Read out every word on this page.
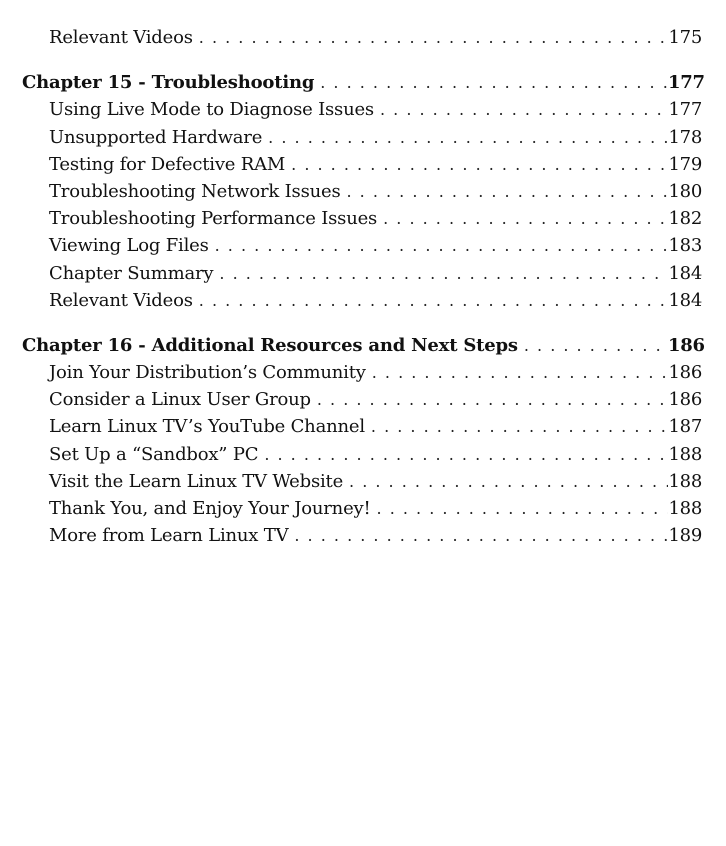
Relevant Videos . . .	175
Chapter 15 - Troubleshooting . . .	177
Using Live Mode to Diagnose Issues . . .	177
Unsupported Hardware . . .	178
Testing for Defective RAM . . .	179
Troubleshooting Network Issues . . .	180
Troubleshooting Performance Issues . . .	182
Viewing Log Files . . .	183
Chapter Summary . . .	184
Relevant Videos . . .	184
Chapter 16 - Additional Resources and Next Steps . . .	186
Join Your Distribution’s Community . . .	186
Consider a Linux User Group . . .	186
Learn Linux TV’s YouTube Channel . . .	187
Set Up a “Sandbox” PC . . .	188
Visit the Learn Linux TV Website . . .	188
Thank You, and Enjoy Your Journey! . . .	188
More from Learn Linux TV . . .	189
